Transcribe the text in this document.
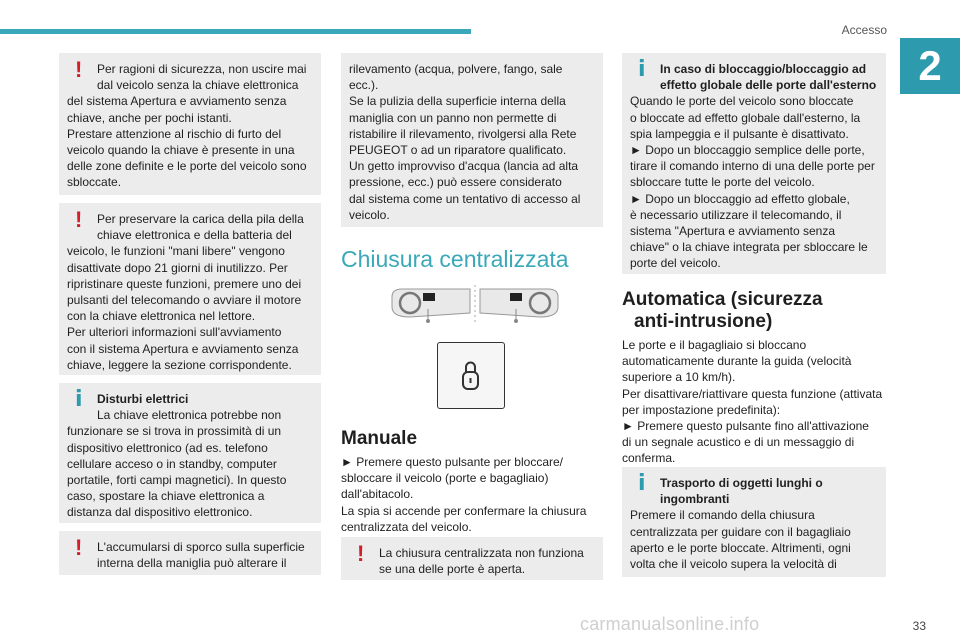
Accesso
2

! Per ragioni di sicurezza, non uscire mai

dal veicolo senza la chiave elettronica

del sistema Apertura e avviamento senza

chiave, anche per pochi istanti.

Prestare attenzione al rischio di furto del

veicolo quando la chiave è presente in una

delle zone definite e le porte del veicolo sono

sbloccate.

! Per preservare la carica della pila della

chiave elettronica e della batteria del

veicolo, le funzioni "mani libere" vengono

disattivate dopo 21 giorni di inutilizzo. Per

ripristinare queste funzioni, premere uno dei

pulsanti del telecomando o avviare il motore

con la chiave elettronica nel lettore.

Per ulteriori informazioni sull'avviamento

con il sistema Apertura e avviamento senza

chiave, leggere la sezione corrispondente.

i Disturbi elettrici

La chiave elettronica potrebbe non

funzionare se si trova in prossimità di un

dispositivo elettronico (ad es. telefono

cellulare acceso o in standby, computer

portatile, forti campi magnetici). In questo

caso, spostare la chiave elettronica a

distanza dal dispositivo elettronico.

! L'accumularsi di sporco sulla superficie

interna della maniglia può alterare il

rilevamento (acqua, polvere, fango, sale

ecc.).

Se la pulizia della superficie interna della

maniglia con un panno non permette di

ristabilire il rilevamento, rivolgersi alla Rete

PEUGEOT o ad un riparatore qualificato.

Un getto improvviso d'acqua (lancia ad alta

pressione, ecc.) può essere considerato

dal sistema come un tentativo di accesso al

veicolo.

Chiusura centralizzata
Manuale

► Premere questo pulsante per bloccare/

sbloccare il veicolo (porte e bagagliaio)

dall'abitacolo.

La spia si accende per confermare la chiusura

centralizzata del veicolo.

! La chiusura centralizzata non funziona

se una delle porte è aperta.

i In caso di bloccaggio/bloccaggio ad

effetto globale delle porte dall'esterno

Quando le porte del veicolo sono bloccate

o bloccate ad effetto globale dall'esterno, la

spia lampeggia e il pulsante è disattivato.

► Dopo un bloccaggio semplice delle porte,

tirare il comando interno di una delle porte per

sbloccare tutte le porte del veicolo.

► Dopo un bloccaggio ad effetto globale,

è necessario utilizzare il telecomando, il

sistema "Apertura e avviamento senza

chiave" o la chiave integrata per sbloccare le

porte del veicolo.

Automatica (sicurezza
anti-intrusione)

Le porte e il bagagliaio si bloccano

automaticamente durante la guida (velocità

superiore a 10 km/h).

Per disattivare/riattivare questa funzione (attivata

per impostazione predefinita):

► Premere questo pulsante fino all'attivazione

di un segnale acustico e di un messaggio di

conferma.

i Trasporto di oggetti lunghi o

ingombranti

Premere il comando della chiusura

centralizzata per guidare con il bagagliaio

aperto e le porte bloccate. Altrimenti, ogni

volta che il veicolo supera la velocità di

carmanualsonline.info	33
